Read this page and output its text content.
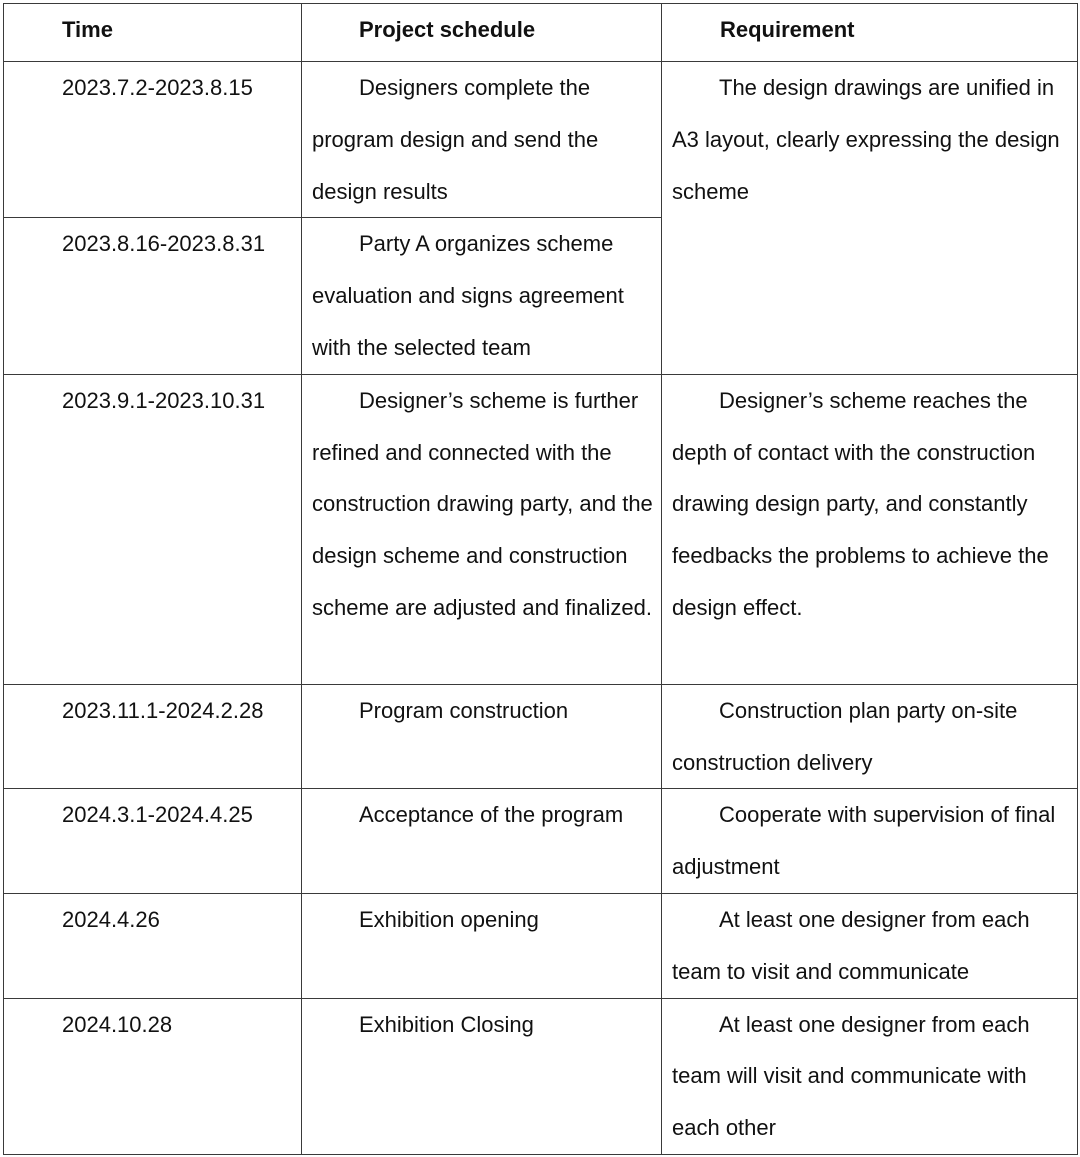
Time	Project schedule	Requirement

2023.7.2-2023.8.15	Designers complete the program design and send the design results	The design drawings are unified in A3 layout, clearly expressing the design scheme

2023.8.16-2023.8.31	Party A organizes scheme evaluation and signs agreement with the selected team	

2023.9.1-2023.10.31	Designer’s scheme is further refined and connected with the construction drawing party, and the design scheme and construction scheme are adjusted and finalized.	Designer’s scheme reaches the depth of contact with the construction drawing design party, and constantly feedbacks the problems to achieve the design effect.

2023.11.1-2024.2.28	Program construction	Construction plan party on-site construction delivery

2024.3.1-2024.4.25	Acceptance of the program	Cooperate with supervision of final adjustment

2024.4.26	Exhibition opening	At least one designer from each team to visit and communicate

2024.10.28	Exhibition Closing	At least one designer from each team will visit and communicate with each other
